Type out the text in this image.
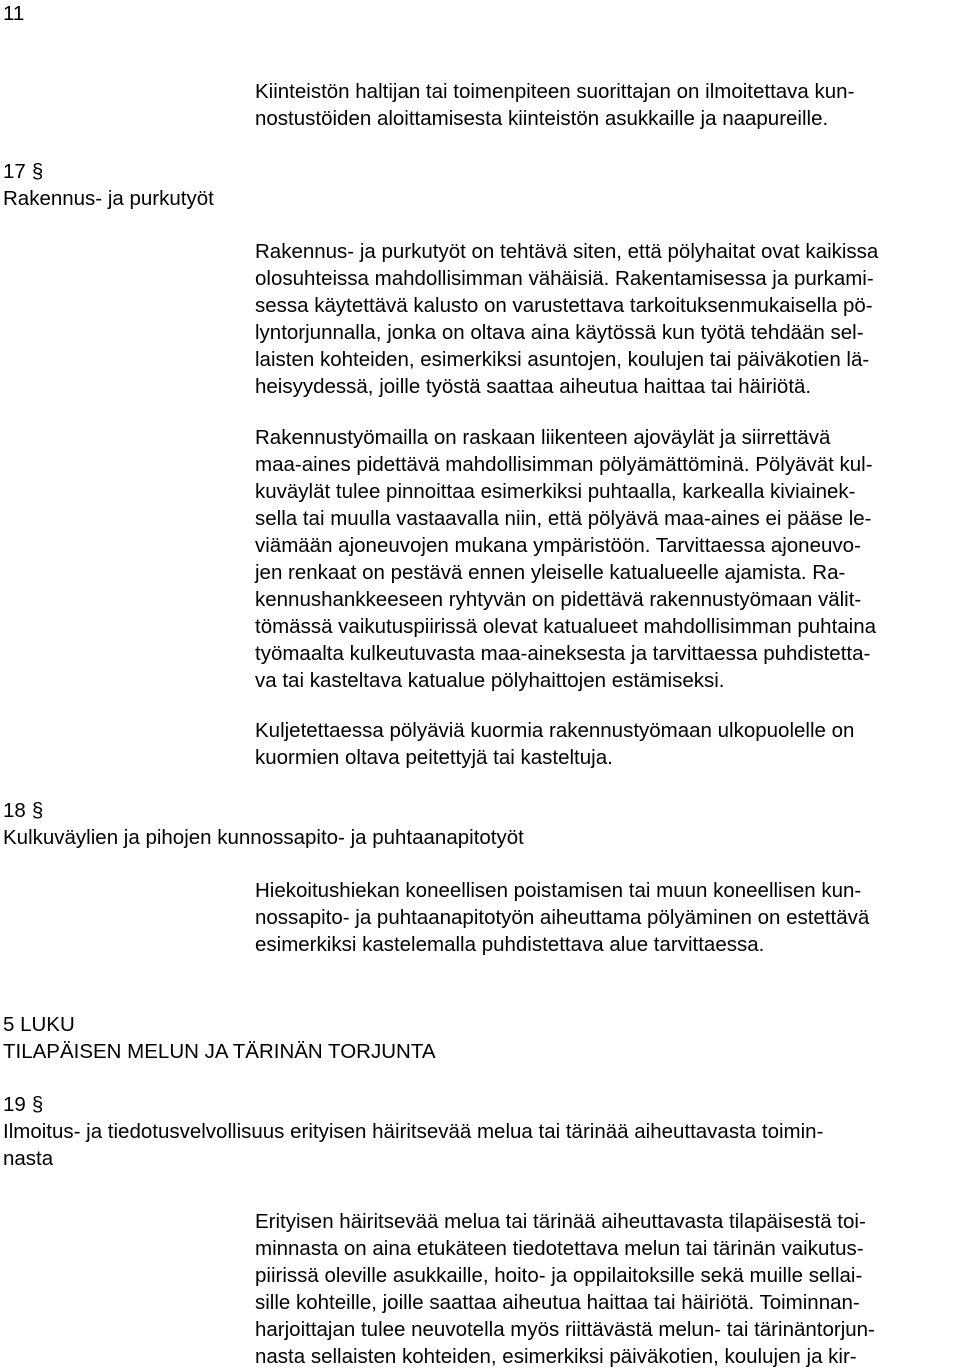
11
Kiinteistön haltijan tai toimenpiteen suorittajan on ilmoitettava kun-
nostustöiden aloittamisesta kiinteistön asukkaille ja naapureille.
17 §
Rakennus- ja purkutyöt
Rakennus- ja purkutyöt on tehtävä siten, että pölyhaitat ovat kaikissa
olosuhteissa mahdollisimman vähäisiä. Rakentamisessa ja purkami-
sessa käytettävä kalusto on varustettava tarkoituksenmukaisella pö-
lyntorjunnalla, jonka on oltava aina käytössä kun työtä tehdään sel-
laisten kohteiden, esimerkiksi asuntojen, koulujen tai päiväkotien lä-
heisyydessä, joille työstä saattaa aiheutua haittaa tai häiriötä.
Rakennustyömailla on raskaan liikenteen ajoväylät ja siirrettävä
maa-aines pidettävä mahdollisimman pölyämättöminä. Pölyävät kul-
kuväylät tulee pinnoittaa esimerkiksi puhtaalla, karkealla kiviainek-
sella tai muulla vastaavalla niin, että pölyävä maa-aines ei pääse le-
viämään ajoneuvojen mukana ympäristöön. Tarvittaessa ajoneuvo-
jen renkaat on pestävä ennen yleiselle katualueelle ajamista. Ra-
kennushankkeeseen ryhtyvän on pidettävä rakennustyömaan välit-
tömässä vaikutuspiirissä olevat katualueet mahdollisimman puhtaina
työmaalta kulkeutuvasta maa-aineksesta ja tarvittaessa puhdistetta-
va tai kasteltava katualue pölyhaittojen estämiseksi.
Kuljetettaessa pölyäviä kuormia rakennustyömaan ulkopuolelle on
kuormien oltava peitettyjä tai kasteltuja.
18 §
Kulkuväylien ja pihojen kunnossapito- ja puhtaanapitotyöt
Hiekoitushiekan koneellisen poistamisen tai muun koneellisen kun-
nossapito- ja puhtaanapitotyön aiheuttama pölyäminen on estettävä
esimerkiksi kastelemalla puhdistettava alue tarvittaessa.
5 LUKU
TILAPÄISEN MELUN JA TÄRINÄN TORJUNTA
19 §
Ilmoitus- ja tiedotusvelvollisuus erityisen häiritsevää melua tai tärinää aiheuttavasta toimin-
nasta
Erityisen häiritsevää melua tai tärinää aiheuttavasta tilapäisestä toi-
minnasta on aina etukäteen tiedotettava melun tai tärinän vaikutus-
piirissä oleville asukkaille, hoito- ja oppilaitoksille sekä muille sellai-
sille kohteille, joille saattaa aiheutua haittaa tai häiriötä. Toiminnan-
harjoittajan tulee neuvotella myös riittävästä melun- tai tärinäntorjun-
nasta sellaisten kohteiden, esimerkiksi päiväkotien, koulujen ja kir-
